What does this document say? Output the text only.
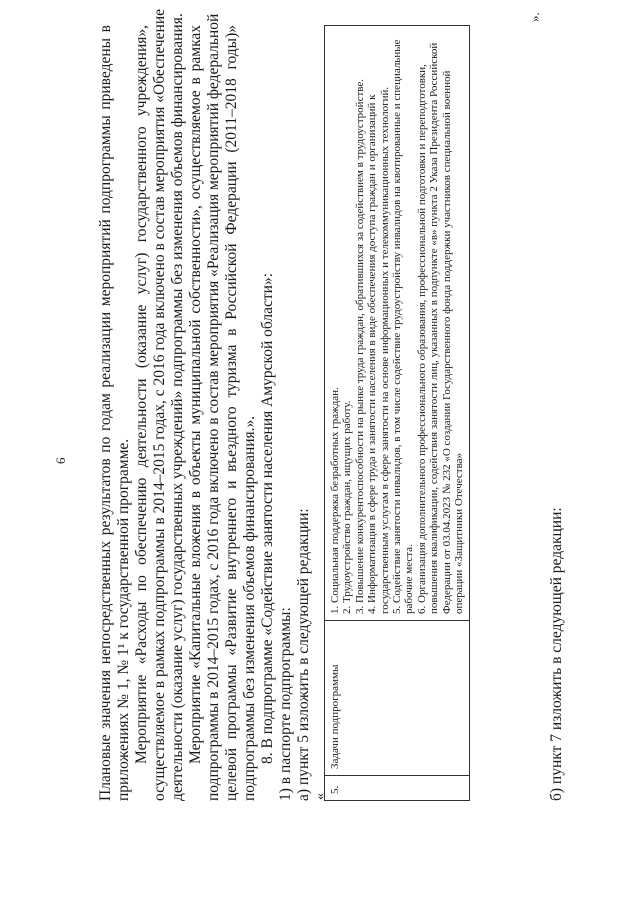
6 Плановые значения непосредственных результатов по годам реализации мероприятий подпрограммы приведены в приложениях № 1, № 1¹ к государственной программе. Мероприятие «Расходы по обеспечению деятельности (оказание услуг) государственного учреждения», осуществляемое в рамках подпрограммы в 2014–2015 годах, с 2016 года включено в состав мероприятия «Обеспечение деятельности (оказание услуг) государственных учреждений» подпрограммы без изменения объемов финансирования. Мероприятие «Капитальные вложения в объекты муниципальной собственности», осуществляемое в рамках подпрограммы в 2014–2015 годах, с 2016 года включено в состав мероприятия «Реализация мероприятий федеральной целевой программы «Развитие внутреннего и въездного туризма в Российской Федерации (2011–2018 годы)» подпрограммы без изменения объемов финансирования.». 8. В подпрограмме «Содействие занятости населения Амурской области»: 1) в паспорте подпрограммы: а) пункт 5 изложить в следующей редакции: «
5.	Задачи подпрограммы	
1. Социальная поддержка безработных граждан. 2. Трудоустройство граждан, ищущих работу. 3. Повышение конкурентоспособности на рынке труда граждан, обратившихся за содействием в трудоустройстве. 4. Информатизация в сфере труда и занятости населения в виде обеспечения доступа граждан и организаций к государственным услугам в сфере занятости на основе информационных и телекоммуникационных технологий. 5. Содействие занятости инвалидов, в том числе содействие трудоустройству инвалидов на квотированные и специальные рабочие места. 6. Организация дополнительного профессионального образования, профессиональной подготовки и переподготовки, повышения квалификации, содействия занятости лиц, указанных в подпункте «в» пункта 2 Указа Президента Российской Федерации от 03.04.2023 № 232 «О создании Государственного фонда поддержки участников специальной военной операции «Защитники Отечества»
».
б) пункт 7 изложить в следующей редакции:
